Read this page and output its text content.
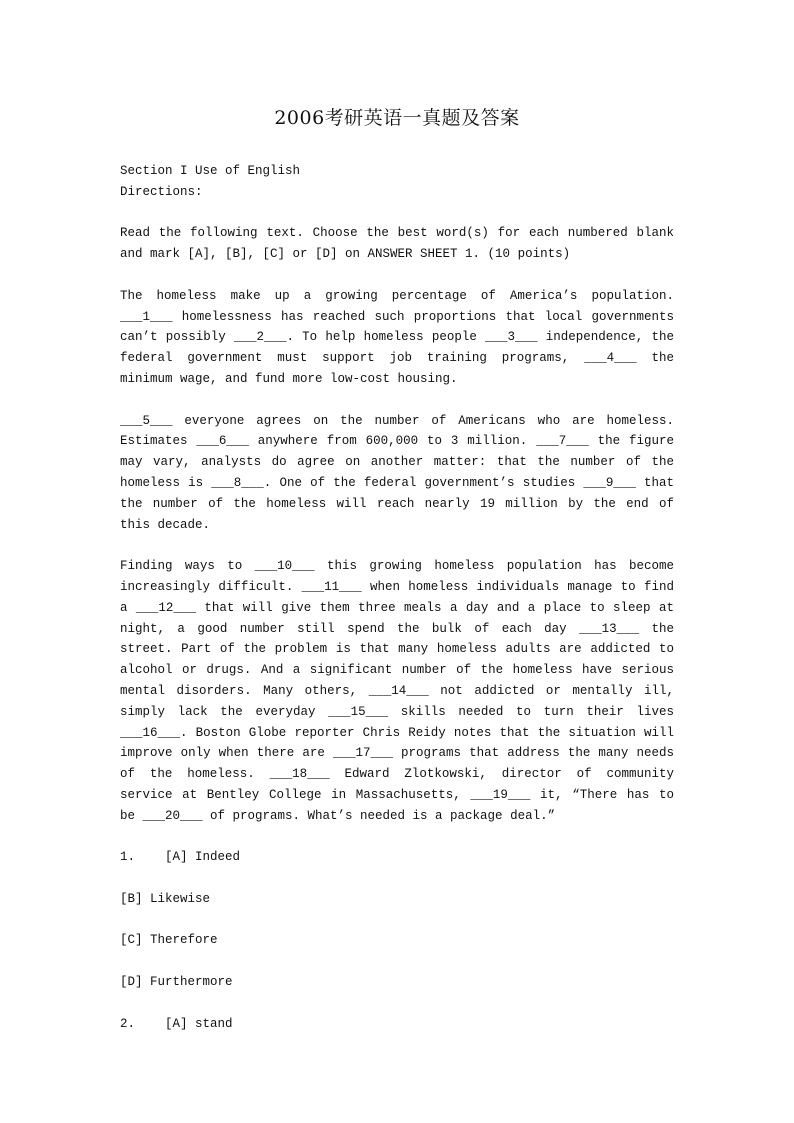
2006考研英语一真题及答案

Section I Use of English

Directions:

Read the following text. Choose the best word(s) for each numbered blank and mark [A], [B], [C] or [D] on ANSWER SHEET 1. (10 points)

The homeless make up a growing percentage of America’s population. ___1___ homelessness has reached such proportions that local governments can’t possibly ___2___. To help homeless people ___3___ independence, the federal government must support job training programs, ___4___ the minimum wage, and fund more low-cost housing.

___5___ everyone agrees on the number of Americans who are homeless. Estimates ___6___ anywhere from 600,000 to 3 million. ___7___ the figure may vary, analysts do agree on another matter: that the number of the homeless is ___8___. One of the federal government’s studies ___9___ that the number of the homeless will reach nearly 19 million by the end of this decade.

Finding ways to ___10___ this growing homeless population has become increasingly difficult. ___11___ when homeless individuals manage to find a ___12___ that will give them three meals a day and a place to sleep at night, a good number still spend the bulk of each day ___13___ the street. Part of the problem is that many homeless adults are addicted to alcohol or drugs. And a significant number of the homeless have serious mental disorders. Many others, ___14___ not addicted or mentally ill, simply lack the everyday ___15___ skills needed to turn their lives ___16___. Boston Globe reporter Chris Reidy notes that the situation will improve only when there are ___17___ programs that address the many needs of the homeless. ___18___ Edward Zlotkowski, director of community service at Bentley College in Massachusetts, ___19___ it, “There has to be ___20___ of programs. What’s needed is a package deal.”

1.    [A] Indeed

[B] Likewise

[C] Therefore

[D] Furthermore

2.    [A] stand
